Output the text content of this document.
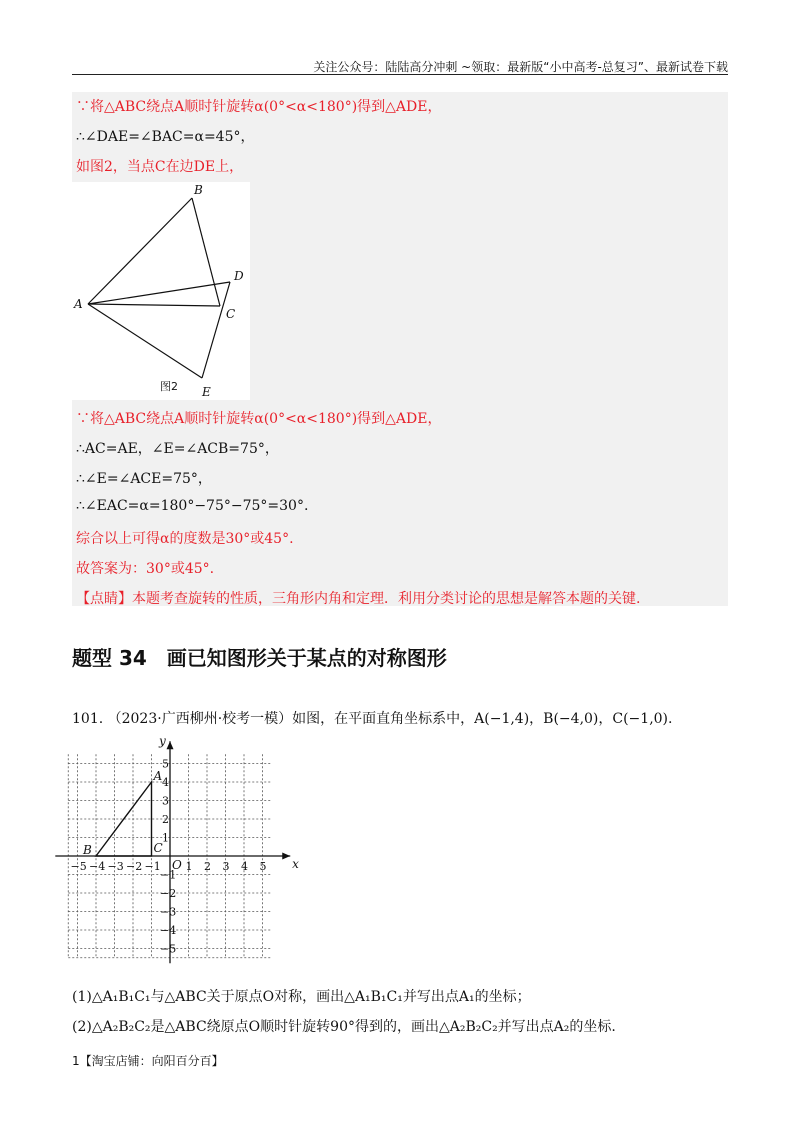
关注公众号：陆陆高分冲刺 ~领取：最新版“小中高考-总复习”、最新试卷下载
∵将△ABC绕点A顺时针旋转α(0°<α<180°)得到△ADE，
∴∠DAE=∠BAC=α=45°，
如图2，当点C在边DE上，
A
B
C
D
E
图2
∵将△ABC绕点A顺时针旋转α(0°<α<180°)得到△ADE，
∴AC=AE，∠E=∠ACB=75°，
∴∠E=∠ACE=75°，
∴∠EAC=α=180°−75°−75°=30°.
综合以上可得α的度数是30°或45°.
故答案为：30°或45°.
【点睛】本题考查旋转的性质，三角形内角和定理．利用分类讨论的思想是解答本题的关键.
题型 34　画已知图形关于某点的对称图形
101. （2023·广西柳州·校考一模）如图，在平面直角坐标系中，A(−1,4)，B(−4,0)，C(−1,0).
x
y
O
−5 −4 −3 −2 −1 1 2 3 4 5
5
4
3
2
1
−1
−2
−3
−4
−5
A
B	C
(1)△A₁B₁C₁与△ABC关于原点O对称，画出△A₁B₁C₁并写出点A₁的坐标；
(2)△A₂B₂C₂是△ABC绕原点O顺时针旋转90°得到的，画出△A₂B₂C₂并写出点A₂的坐标.
1【淘宝店铺：向阳百分百】
